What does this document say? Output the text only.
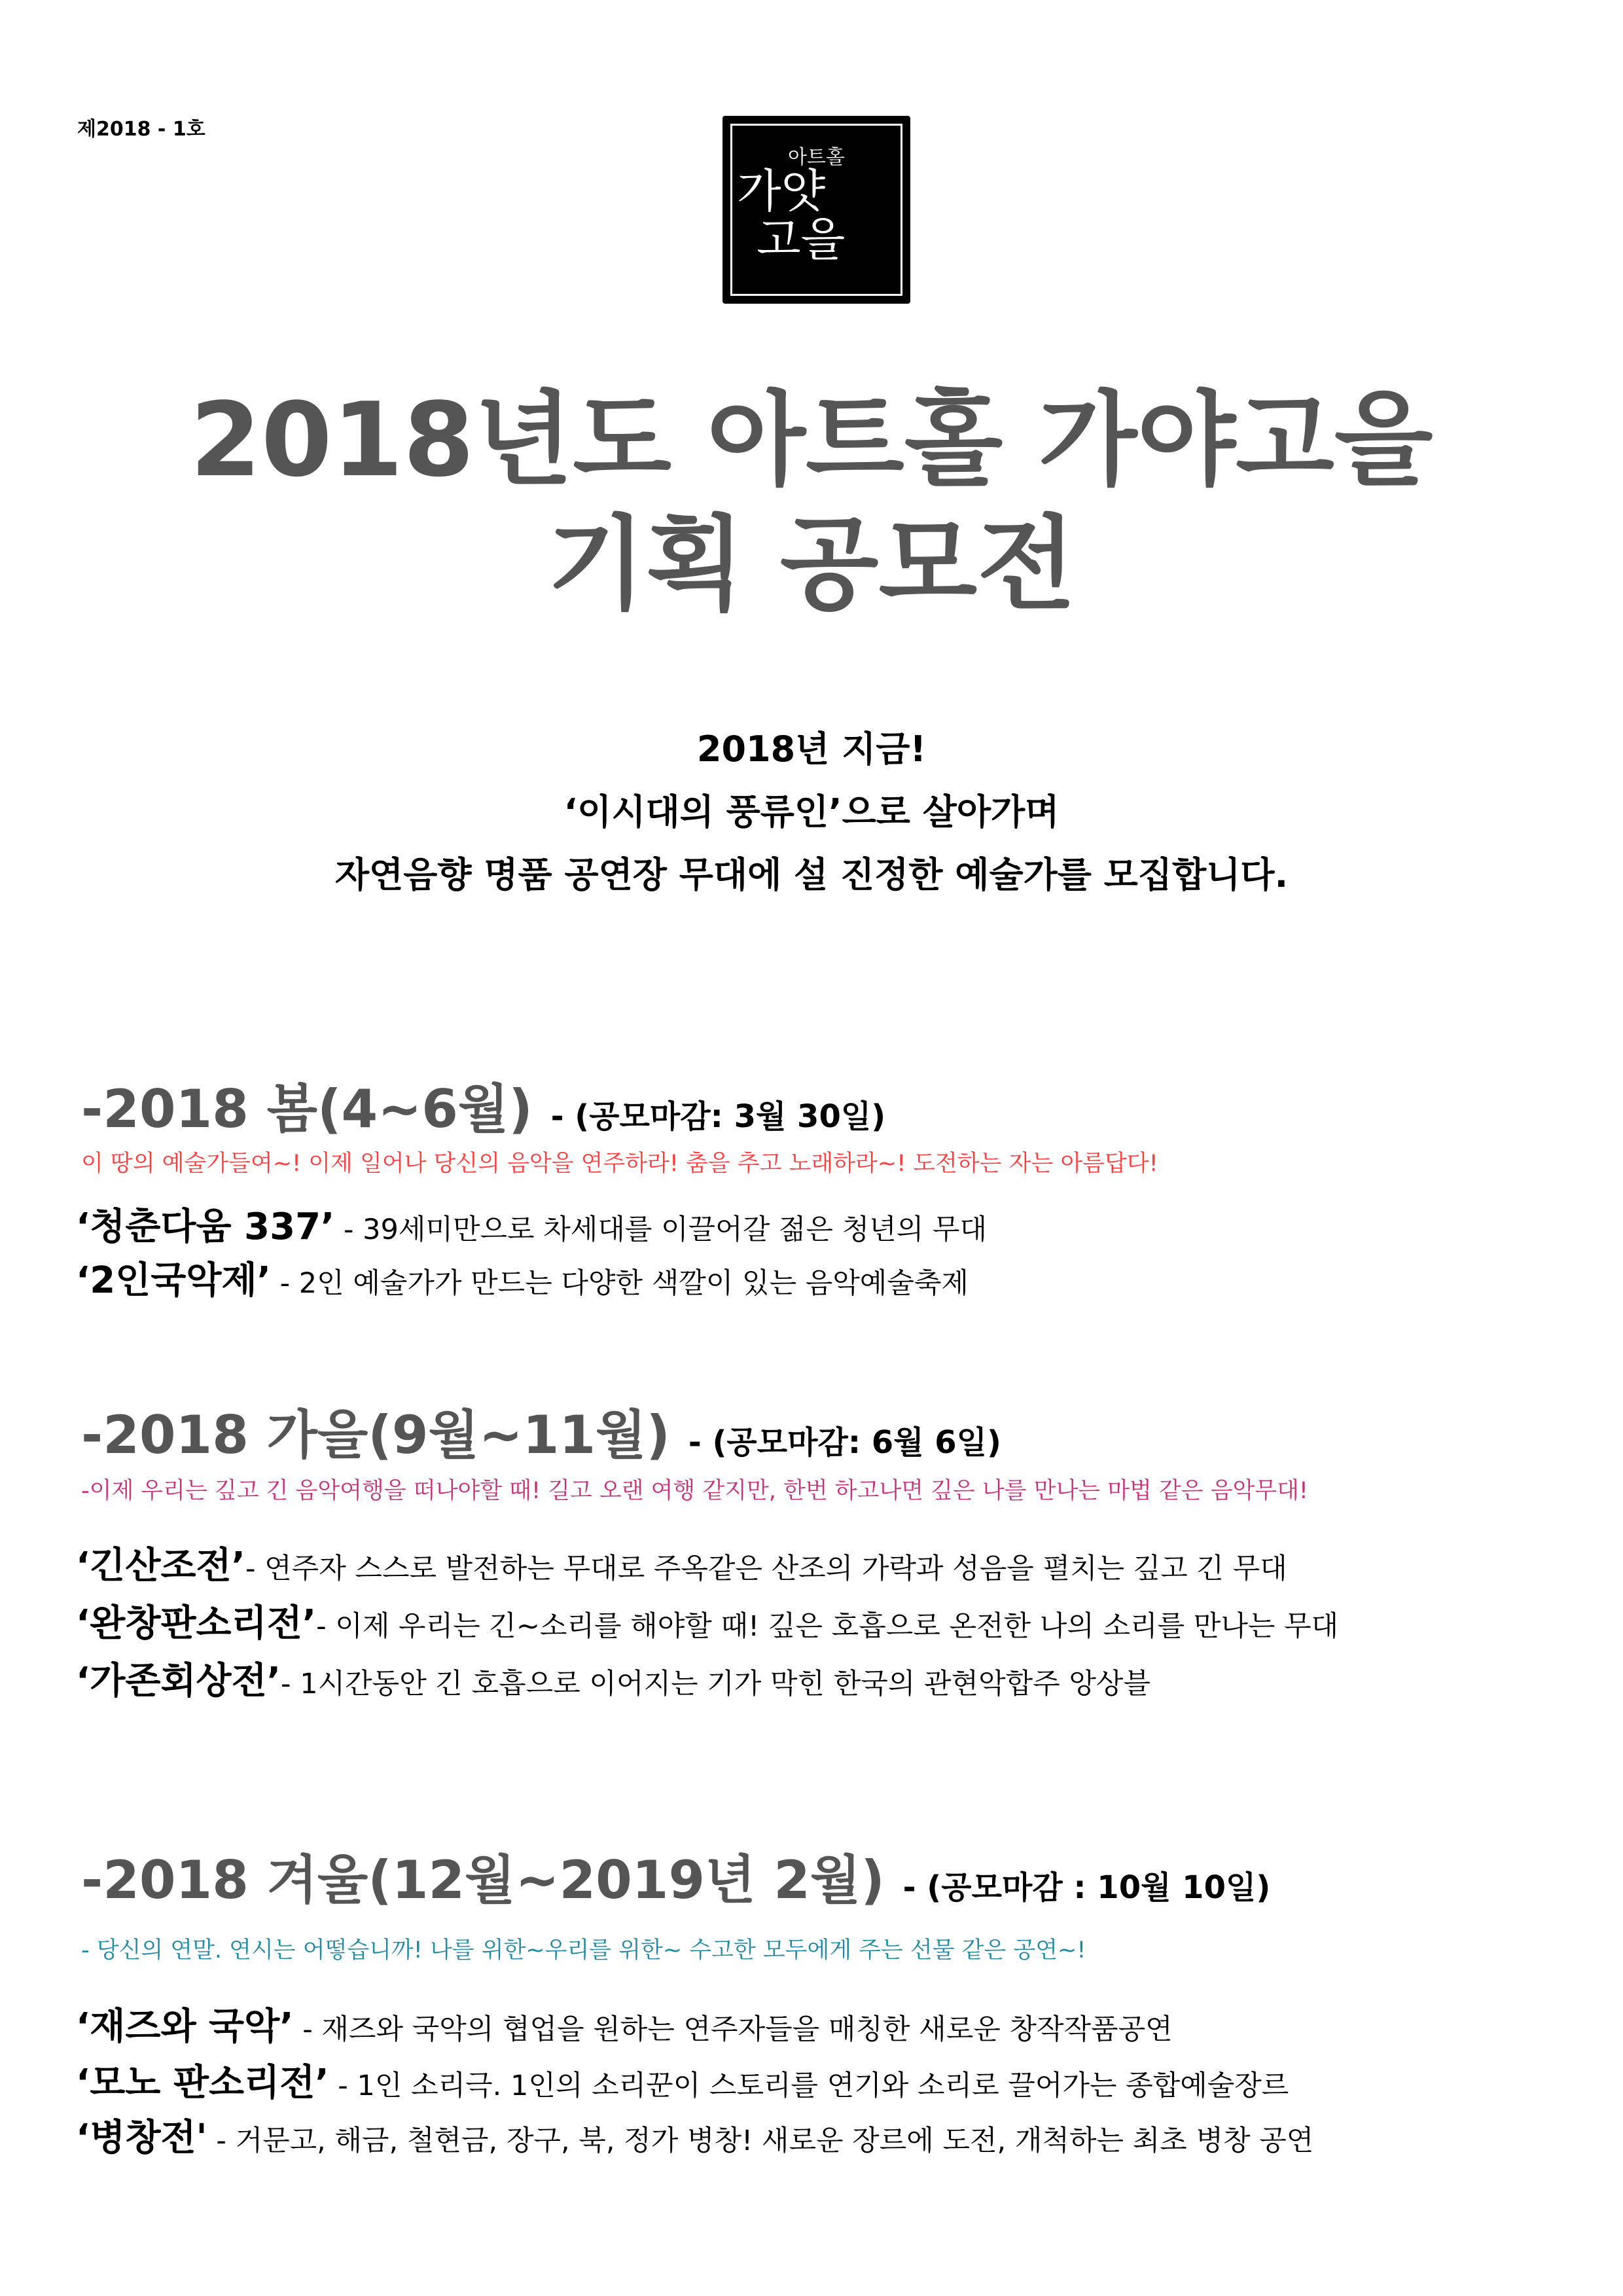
제2018 - 1호
아트홀
가얏
고을
2018년도 아트홀 가야고을
기획 공모전
2018년 지금!
‘이시대의 풍류인’으로 살아가며
자연음향 명품 공연장 무대에 설 진정한 예술가를 모집합니다.
-2018 봄(4~6월) - (공모마감: 3월 30일)
이 땅의 예술가들여~! 이제 일어나 당신의 음악을 연주하라! 춤을 추고 노래하라~! 도전하는 자는 아름답다!
‘청춘다움 337’ - 39세미만으로 차세대를 이끌어갈 젊은 청년의 무대
‘2인국악제’ - 2인 예술가가 만드는 다양한 색깔이 있는 음악예술축제
-2018 가을(9월~11월) - (공모마감: 6월 6일)
-이제 우리는 깊고 긴 음악여행을 떠나야할 때! 길고 오랜 여행 같지만, 한번 하고나면 깊은 나를 만나는 마법 같은 음악무대!
‘긴산조전’- 연주자 스스로 발전하는 무대로 주옥같은 산조의 가락과 성음을 펼치는 깊고 긴 무대
‘완창판소리전’- 이제 우리는 긴~소리를 해야할 때! 깊은 호흡으로 온전한 나의 소리를 만나는 무대
‘가존회상전’- 1시간동안 긴 호흡으로 이어지는 기가 막힌 한국의 관현악합주 앙상블
-2018 겨울(12월~2019년 2월) - (공모마감 : 10월 10일)
- 당신의 연말. 연시는 어떻습니까! 나를 위한~우리를 위한~ 수고한 모두에게 주는 선물 같은 공연~!
‘재즈와 국악’ - 재즈와 국악의 협업을 원하는 연주자들을 매칭한 새로운 창작작품공연
‘모노 판소리전’ - 1인 소리극. 1인의 소리꾼이 스토리를 연기와 소리로 끌어가는 종합예술장르
‘병창전' - 거문고, 해금, 철현금, 장구, 북, 정가 병창! 새로운 장르에 도전, 개척하는 최초 병창 공연
